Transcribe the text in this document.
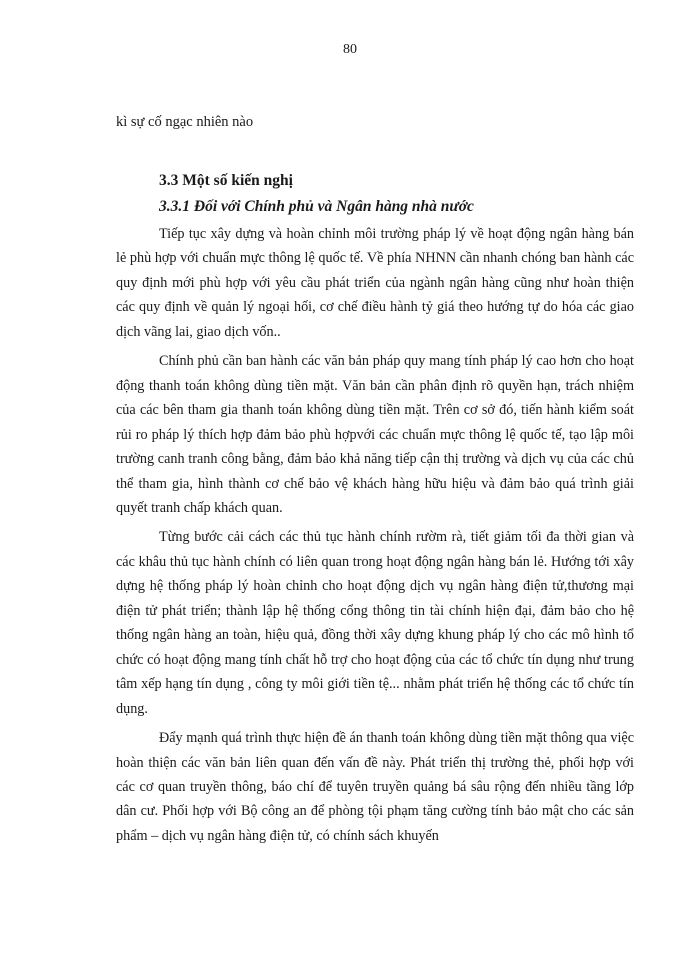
80
kì sự cố ngạc nhiên nào
3.3 Một số kiến nghị
3.3.1 Đối với Chính phủ và Ngân hàng nhà nước

Tiếp tục xây dựng và hoàn chỉnh môi trường pháp lý về hoạt động ngân hàng bán lẻ phù hợp với chuẩn mực thông lệ quốc tế. Về phía NHNN cần nhanh chóng ban hành các quy định mới phù hợp với yêu cầu phát triển của ngành ngân hàng cũng như hoàn thiện các quy định về quản lý ngoại hối, cơ chế điều hành tỷ giá theo hướng tự do hóa các giao dịch vãng lai, giao dịch vốn..

Chính phủ cần ban hành các văn bản pháp quy mang tính pháp lý cao hơn cho hoạt động thanh toán không dùng tiền mặt. Văn bản cần phân định rõ quyền hạn, trách nhiệm của các bên tham gia thanh toán không dùng tiền mặt. Trên cơ sở đó, tiến hành kiểm soát rủi ro pháp lý thích hợp đảm bảo phù hợpvới các chuẩn mực thông lệ quốc tế, tạo lập môi trường canh tranh công bằng, đảm bảo khả năng tiếp cận thị trường và dịch vụ của các chủ thể tham gia, hình thành cơ chế bảo vệ khách hàng hữu hiệu và đảm bảo quá trình giải quyết tranh chấp khách quan.

Từng bước cải cách các thủ tục hành chính rườm rà, tiết giảm tối đa thời gian và các khâu thủ tục hành chính có liên quan trong hoạt động ngân hàng bán lẻ. Hướng tới xây dựng hệ thống pháp lý hoàn chỉnh cho hoạt động dịch vụ ngân hàng điện tử,thương mại điện tử phát triển; thành lập hệ thống cổng thông tin tài chính hiện đại, đảm bảo cho hệ thống ngân hàng an toàn, hiệu quả, đồng thời xây dựng khung pháp lý cho các mô hình tổ chức có hoạt động mang tính chất hỗ trợ cho hoạt động của các tổ chức tín dụng như trung tâm xếp hạng tín dụng , công ty môi giới tiền tệ... nhằm phát triển hệ thống các tổ chức tín dụng.

Đẩy mạnh quá trình thực hiện đề án thanh toán không dùng tiền mặt thông qua việc hoàn thiện các văn bản liên quan đến vấn đề này. Phát triển thị trường thẻ, phối hợp với các cơ quan truyền thông, báo chí để tuyên truyền quảng bá sâu rộng đến nhiều tầng lớp dân cư. Phối hợp với Bộ công an để phòng tội phạm tăng cường tính bảo mật cho các sản phẩm – dịch vụ ngân hàng điện tử, có chính sách khuyến
